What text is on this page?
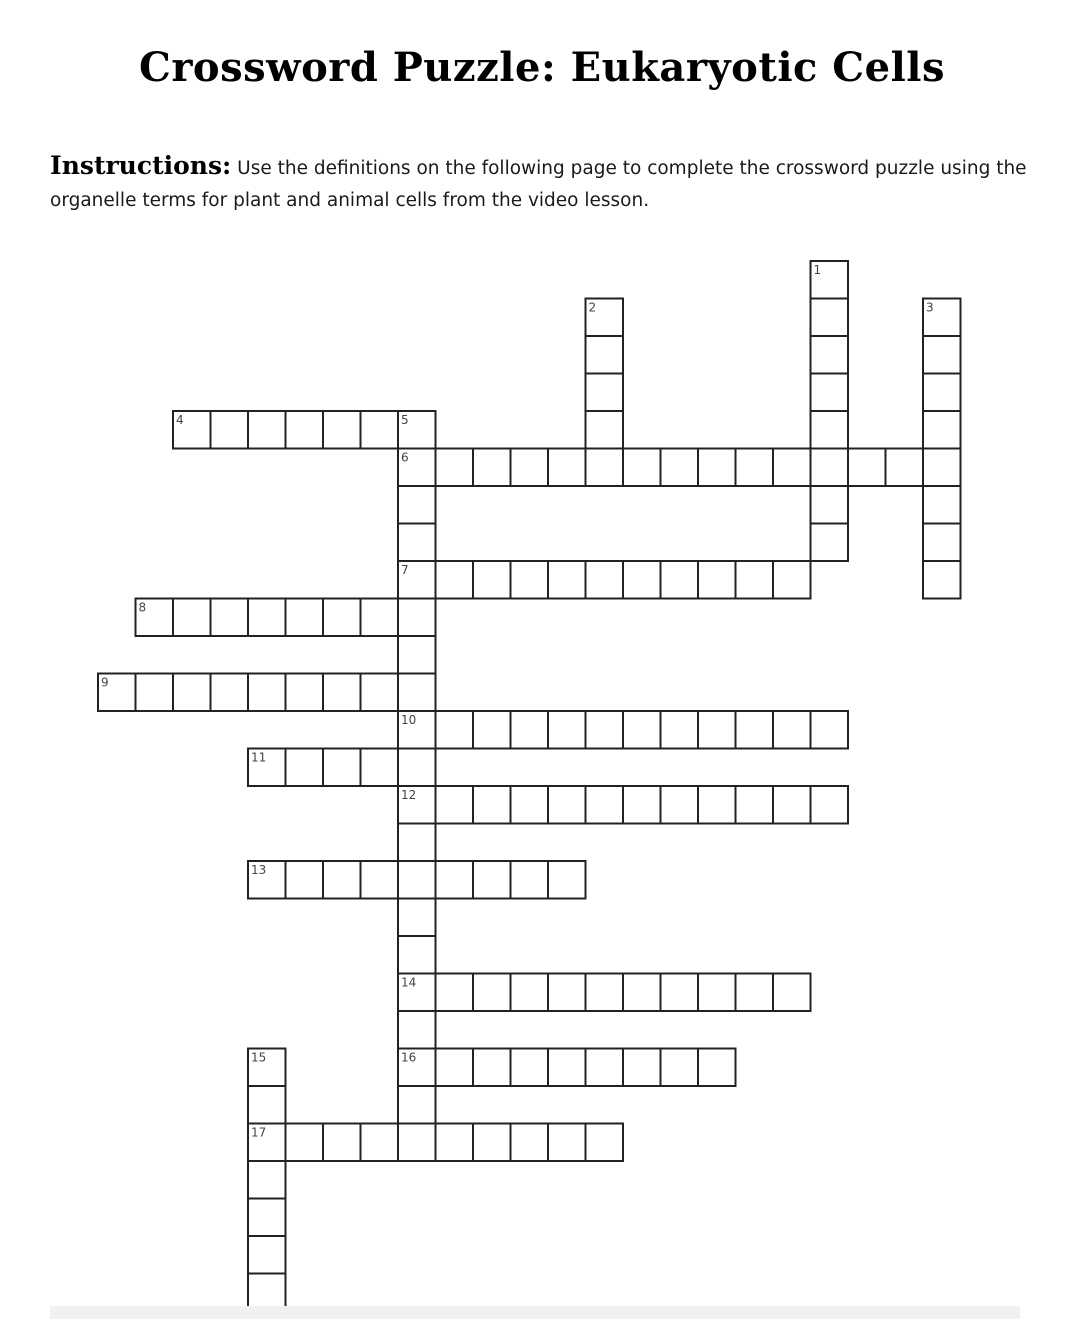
Crossword Puzzle: Eukaryotic Cells

Instructions: Use the definitions on the following page to complete the crossword puzzle using the organelle terms for plant and animal cells from the video lesson.

4
6
7
8
9
10
11
12
13
14
16
17
1
2	3
5
15
